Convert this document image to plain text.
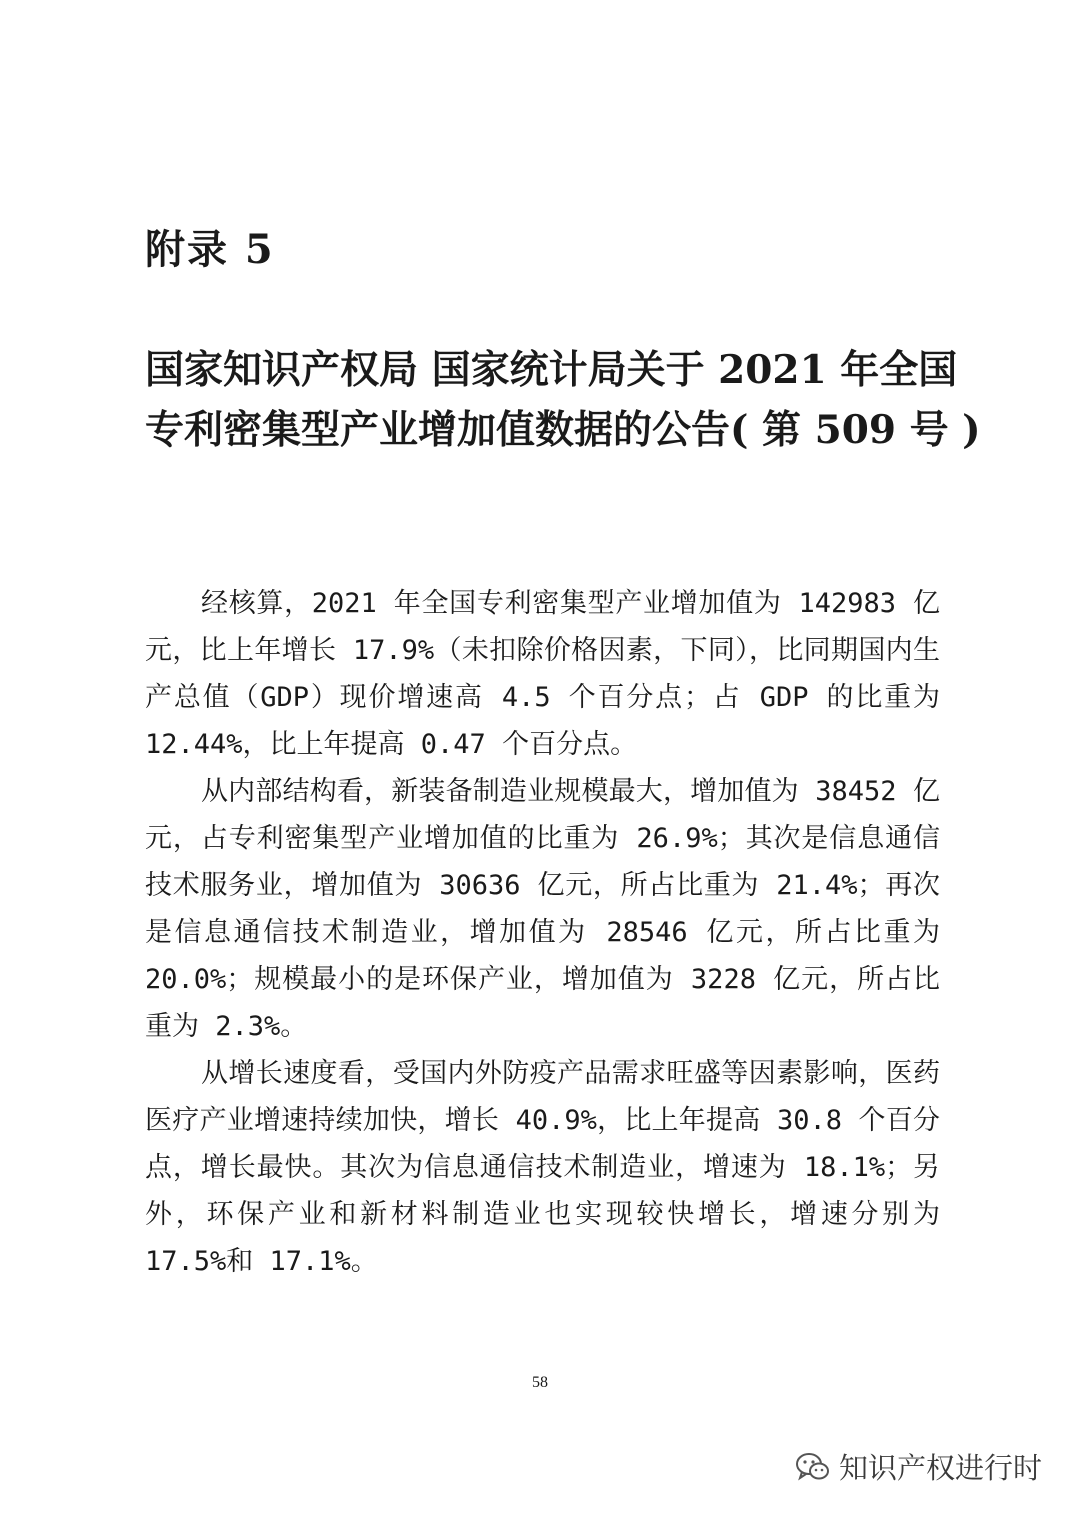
附录 5
国家知识产权局 国家统计局关于 2021 年全国
专利密集型产业增加值数据的公告( 第 509 号 )

经核算，2021 年全国专利密集型产业增加值为 142983 亿元，比上年增长 17.9%（未扣除价格因素，下同），比同期国内生产总值（GDP）现价增速高 4.5 个百分点；占 GDP 的比重为 12.44%，比上年提高 0.47 个百分点。

从内部结构看，新装备制造业规模最大，增加值为 38452 亿元，占专利密集型产业增加值的比重为 26.9%；其次是信息通信技术服务业，增加值为 30636 亿元，所占比重为 21.4%；再次是信息通信技术制造业，增加值为 28546 亿元，所占比重为 20.0%；规模最小的是环保产业，增加值为 3228 亿元，所占比重为 2.3%。

从增长速度看，受国内外防疫产品需求旺盛等因素影响，医药医疗产业增速持续加快，增长 40.9%，比上年提高 30.8 个百分点，增长最快。其次为信息通信技术制造业，增速为 18.1%；另外，环保产业和新材料制造业也实现较快增长，增速分别为 17.5%和 17.1%。

58
知识产权进行时
